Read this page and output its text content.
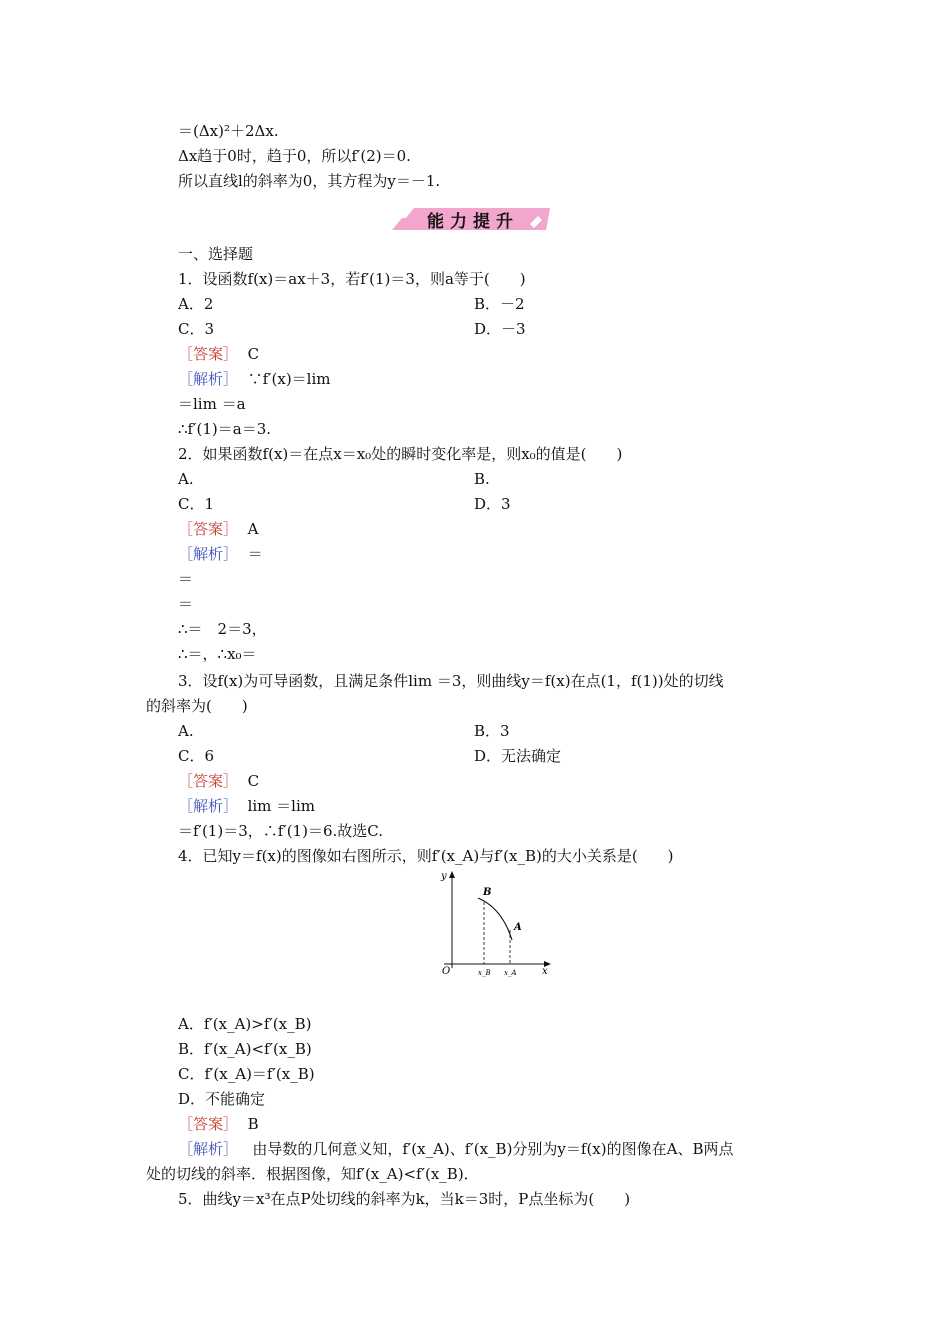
＝(Δx)²＋2Δx.
Δx趋于0时，趋于0，所以f′(2)＝0.
所以直线l的斜率为0，其方程为y＝－1.
能力提升
一、选择题
1．设函数f(x)＝ax＋3，若f′(1)＝3，则a等于(　　)
A．2	B．－2
C．3	D．－3
［答案］ C
［解析］ ∵f′(x)＝lim
＝lim ＝a
∴f′(1)＝a＝3.
2．如果函数f(x)＝在点x＝x₀处的瞬时变化率是，则x₀的值是(　　)
A.	B.
C．1	D．3
［答案］ A
［解析］ ＝
＝
＝
∴＝　2＝3，
∴＝，∴x₀＝
3．设f(x)为可导函数，且满足条件lim ＝3，则曲线y＝f(x)在点(1，f(1))处的切线
的斜率为(　　)
A.	B．3
C．6	D．无法确定
［答案］ C
［解析］ lim ＝lim
＝f′(1)＝3，∴f′(1)＝6.故选C.
4．已知y＝f(x)的图像如右图所示，则f′(x_A)与f′(x_B)的大小关系是(　　)
y
x
O
B
A
x_B x_A
A．f′(x_A)>f′(x_B)
B．f′(x_A)<f′(x_B)
C．f′(x_A)＝f′(x_B)
D．不能确定
［答案］ B
［解析］ 由导数的几何意义知，f′(x_A)、f′(x_B)分别为y＝f(x)的图像在A、B两点
处的切线的斜率．根据图像，知f′(x_A)<f′(x_B)．
5．曲线y＝x³在点P处切线的斜率为k，当k＝3时，P点坐标为(　　)
